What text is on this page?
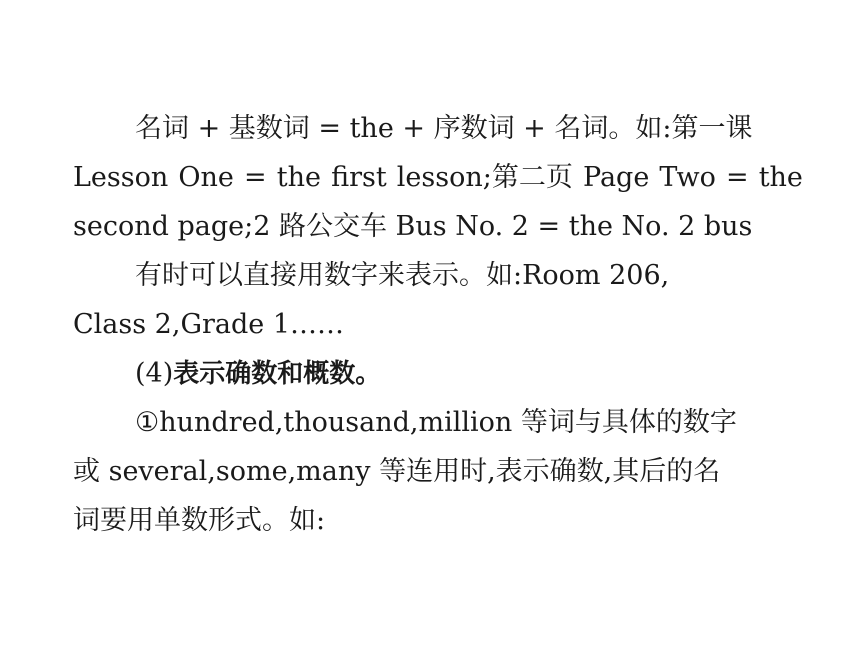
名词 + 基数词 = the + 序数词 + 名词。如:第一课
Lesson One = the first lesson;第二页 Page Two = the
second page;2 路公交车 Bus No. 2 = the No. 2 bus
有时可以直接用数字来表示。如:Room 206,
Class 2,Grade 1……
(4)表示确数和概数。
①hundred,thousand,million 等词与具体的数字
或 several,some,many 等连用时,表示确数,其后的名
词要用单数形式。如:
